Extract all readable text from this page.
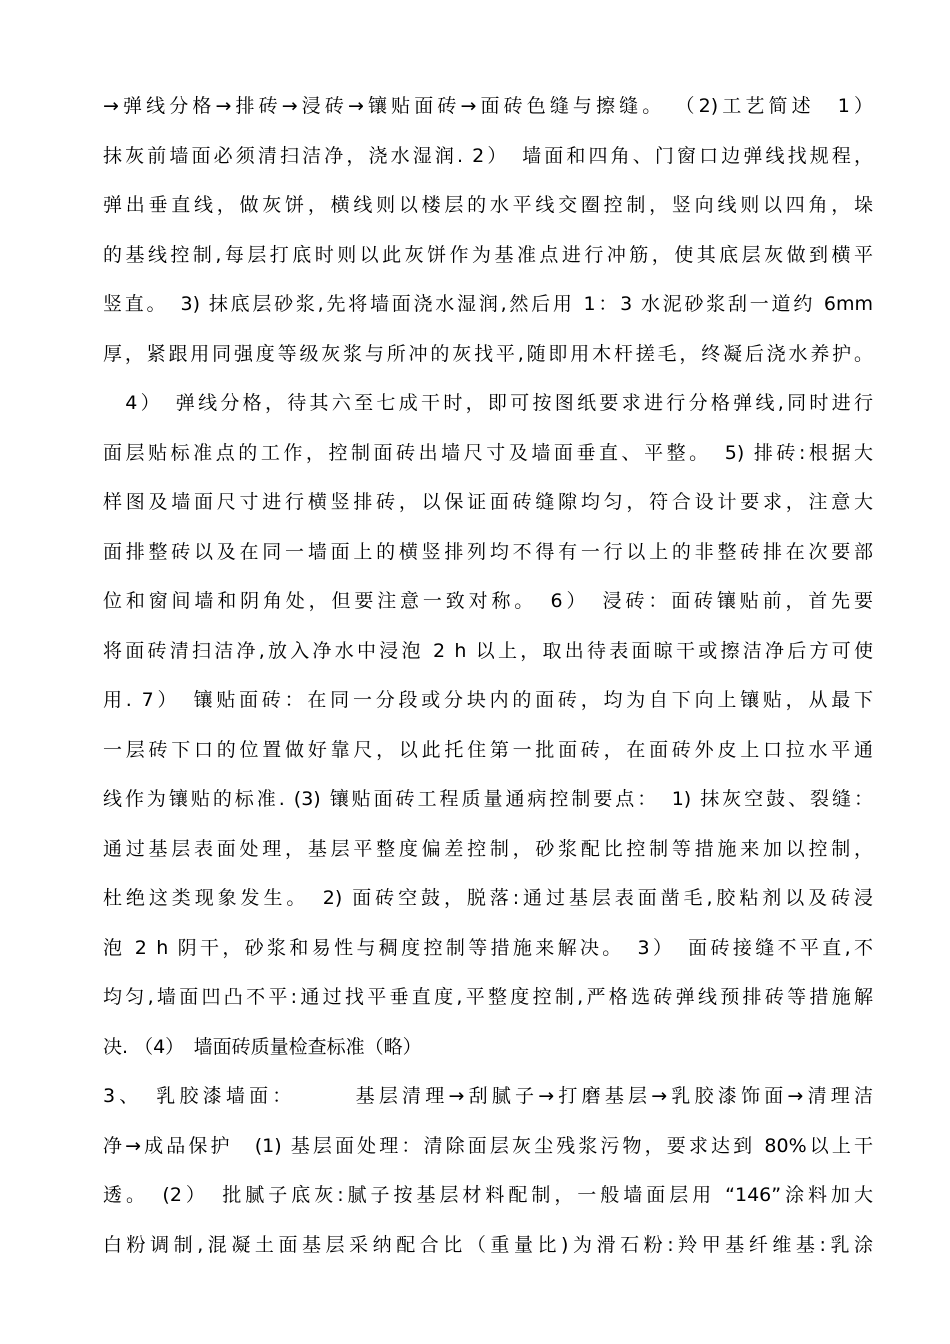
→弹线分格→排砖→浸砖→镶贴面砖→面砖色缝与擦缝。 （2)工艺简述　1）
抹灰前墙面必须清扫洁净，浇水湿润. 2）　墙面和四角、门窗口边弹线找规程，
弹出垂直线，做灰饼，横线则以楼层的水平线交圈控制，竖向线则以四角，垛
的基线控制,每层打底时则以此灰饼作为基准点进行冲筋，使其底层灰做到横平
竖直。　3) 抹底层砂浆,先将墙面浇水湿润,然后用 1：3 水泥砂浆刮一道约 6mm
厚，紧跟用同强度等级灰浆与所冲的灰找平,随即用木杆搓毛，终凝后浇水养护。
　4）　弹线分格，待其六至七成干时，即可按图纸要求进行分格弹线,同时进行
面层贴标准点的工作，控制面砖出墙尺寸及墙面垂直、平整。　5) 排砖:根据大
样图及墙面尺寸进行横竖排砖，以保证面砖缝隙均匀，符合设计要求，注意大
面排整砖以及在同一墙面上的横竖排列均不得有一行以上的非整砖排在次要部
位和窗间墙和阴角处，但要注意一致对称。　6）　浸砖：面砖镶贴前，首先要
将面砖清扫洁净,放入净水中浸泡 2 h 以上，取出待表面晾干或擦洁净后方可使
用. 7）　镶贴面砖：在同一分段或分块内的面砖，均为自下向上镶贴，从最下
一层砖下口的位置做好靠尺，以此托住第一批面砖，在面砖外皮上口拉水平通
线作为镶贴的标准. (3) 镶贴面砖工程质量通病控制要点：　1) 抹灰空鼓、裂缝：
通过基层表面处理，基层平整度偏差控制，砂浆配比控制等措施来加以控制，
杜绝这类现象发生。　2) 面砖空鼓，脱落:通过基层表面凿毛,胶粘剂以及砖浸
泡 2 h 阴干，砂浆和易性与稠度控制等措施来解决。　3）　面砖接缝不平直,不
均匀,墙面凹凸不平:通过找平垂直度,平整度控制,严格选砖弹线预排砖等措施解
决. （4）　墙面砖质量检查标准（略）
3、　乳胶漆墙面：　　　基层清理→刮腻子→打磨基层→乳胶漆饰面→清理洁
净→成品保护　(1) 基层面处理：清除面层灰尘残浆污物，要求达到 80%以上干
透。　(2）　批腻子底灰:腻子按基层材料配制，一般墙面层用 “146”涂料加大
白粉调制,混凝土面基层采纳配合比（重量比)为滑石粉:羚甲基纤维基:乳涂
